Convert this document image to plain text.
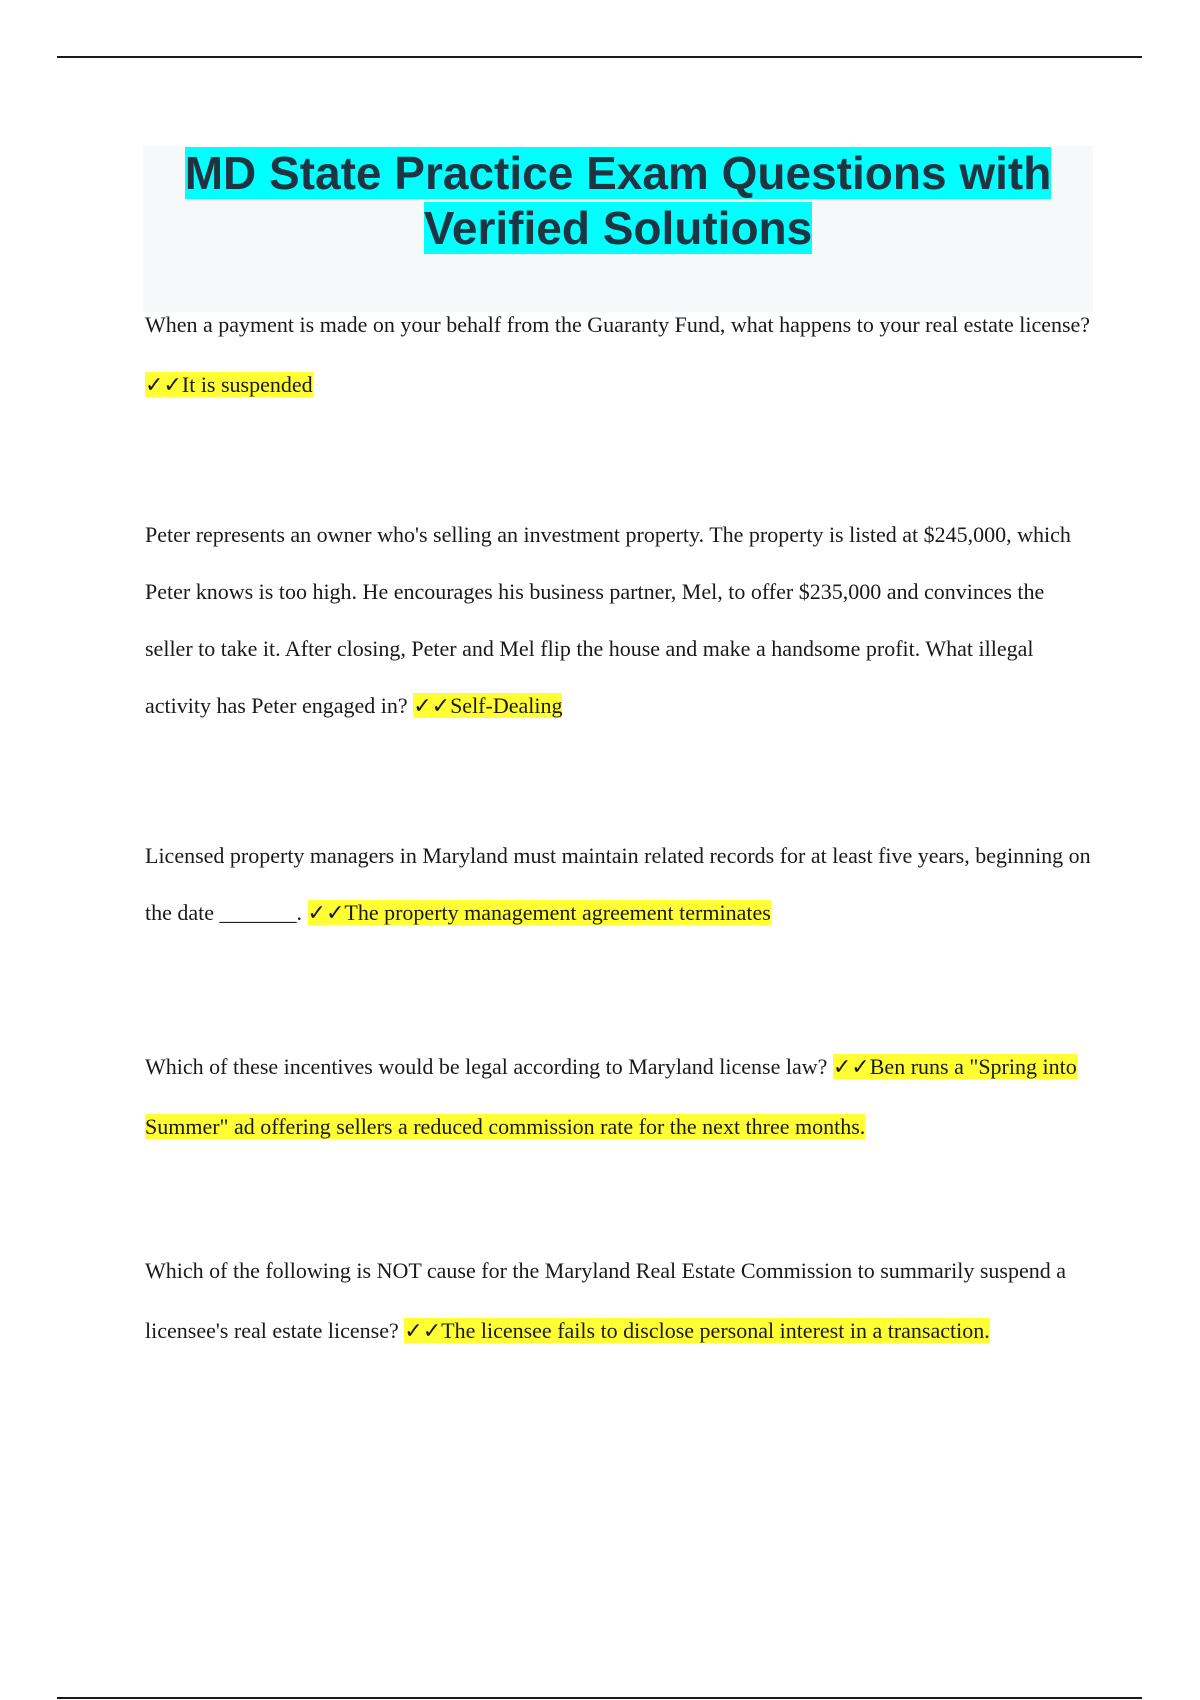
MD State Practice Exam Questions with Verified Solutions
When a payment is made on your behalf from the Guaranty Fund, what happens to your real estate license? ✓✓It is suspended
Peter represents an owner who's selling an investment property. The property is listed at $245,000, which Peter knows is too high. He encourages his business partner, Mel, to offer $235,000 and convinces the seller to take it. After closing, Peter and Mel flip the house and make a handsome profit. What illegal activity has Peter engaged in? ✓✓Self-Dealing
Licensed property managers in Maryland must maintain related records for at least five years, beginning on the date _______. ✓✓The property management agreement terminates
Which of these incentives would be legal according to Maryland license law? ✓✓Ben runs a "Spring into Summer" ad offering sellers a reduced commission rate for the next three months.
Which of the following is NOT cause for the Maryland Real Estate Commission to summarily suspend a licensee's real estate license? ✓✓The licensee fails to disclose personal interest in a transaction.
